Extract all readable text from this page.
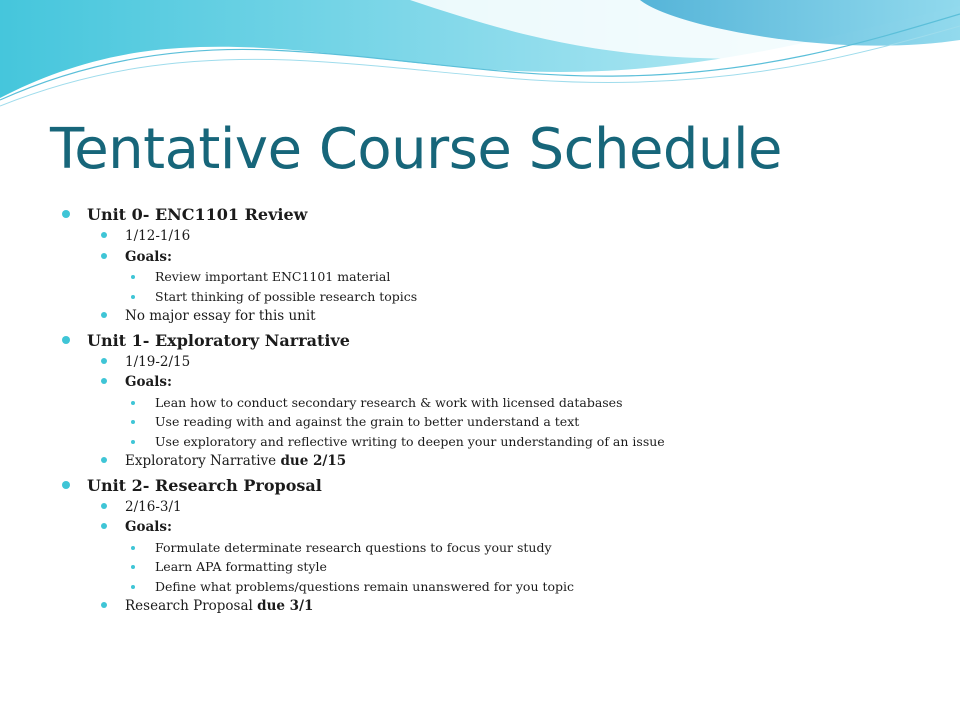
Tentative Course Schedule
Unit 0- ENC1101 Review
1/12-1/16
Goals:
Review important ENC1101 material
Start thinking of possible research topics
No major essay for this unit
Unit 1- Exploratory Narrative
1/19-2/15
Goals:
Lean how to conduct secondary research & work with licensed databases
Use reading with and against the grain to better understand a text
Use exploratory and reflective writing to deepen your understanding of an issue
Exploratory Narrative due 2/15
Unit 2- Research Proposal
2/16-3/1
Goals:
Formulate determinate research questions to focus your study
Learn APA formatting style
Define what problems/questions remain unanswered for you topic
Research Proposal due 3/1
